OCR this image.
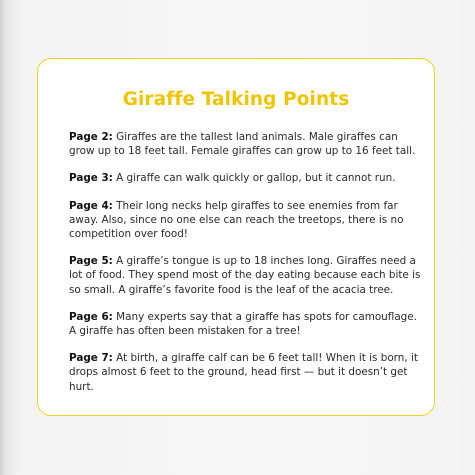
Giraffe Talking Points

Page 2: Giraffes are the tallest land animals. Male giraffes can grow up to 18 feet tall. Female giraffes can grow up to 16 feet tall.

Page 3: A giraffe can walk quickly or gallop, but it cannot run.

Page 4: Their long necks help giraffes to see enemies from far away. Also, since no one else can reach the treetops, there is no competition over food!

Page 5: A giraffe’s tongue is up to 18 inches long. Giraffes need a lot of food. They spend most of the day eating because each bite is so small. A giraffe’s favorite food is the leaf of the acacia tree.

Page 6: Many experts say that a giraffe has spots for camouflage. A giraffe has often been mistaken for a tree!

Page 7: At birth, a giraffe calf can be 6 feet tall! When it is born, it drops almost 6 feet to the ground, head first — but it doesn’t get hurt.
